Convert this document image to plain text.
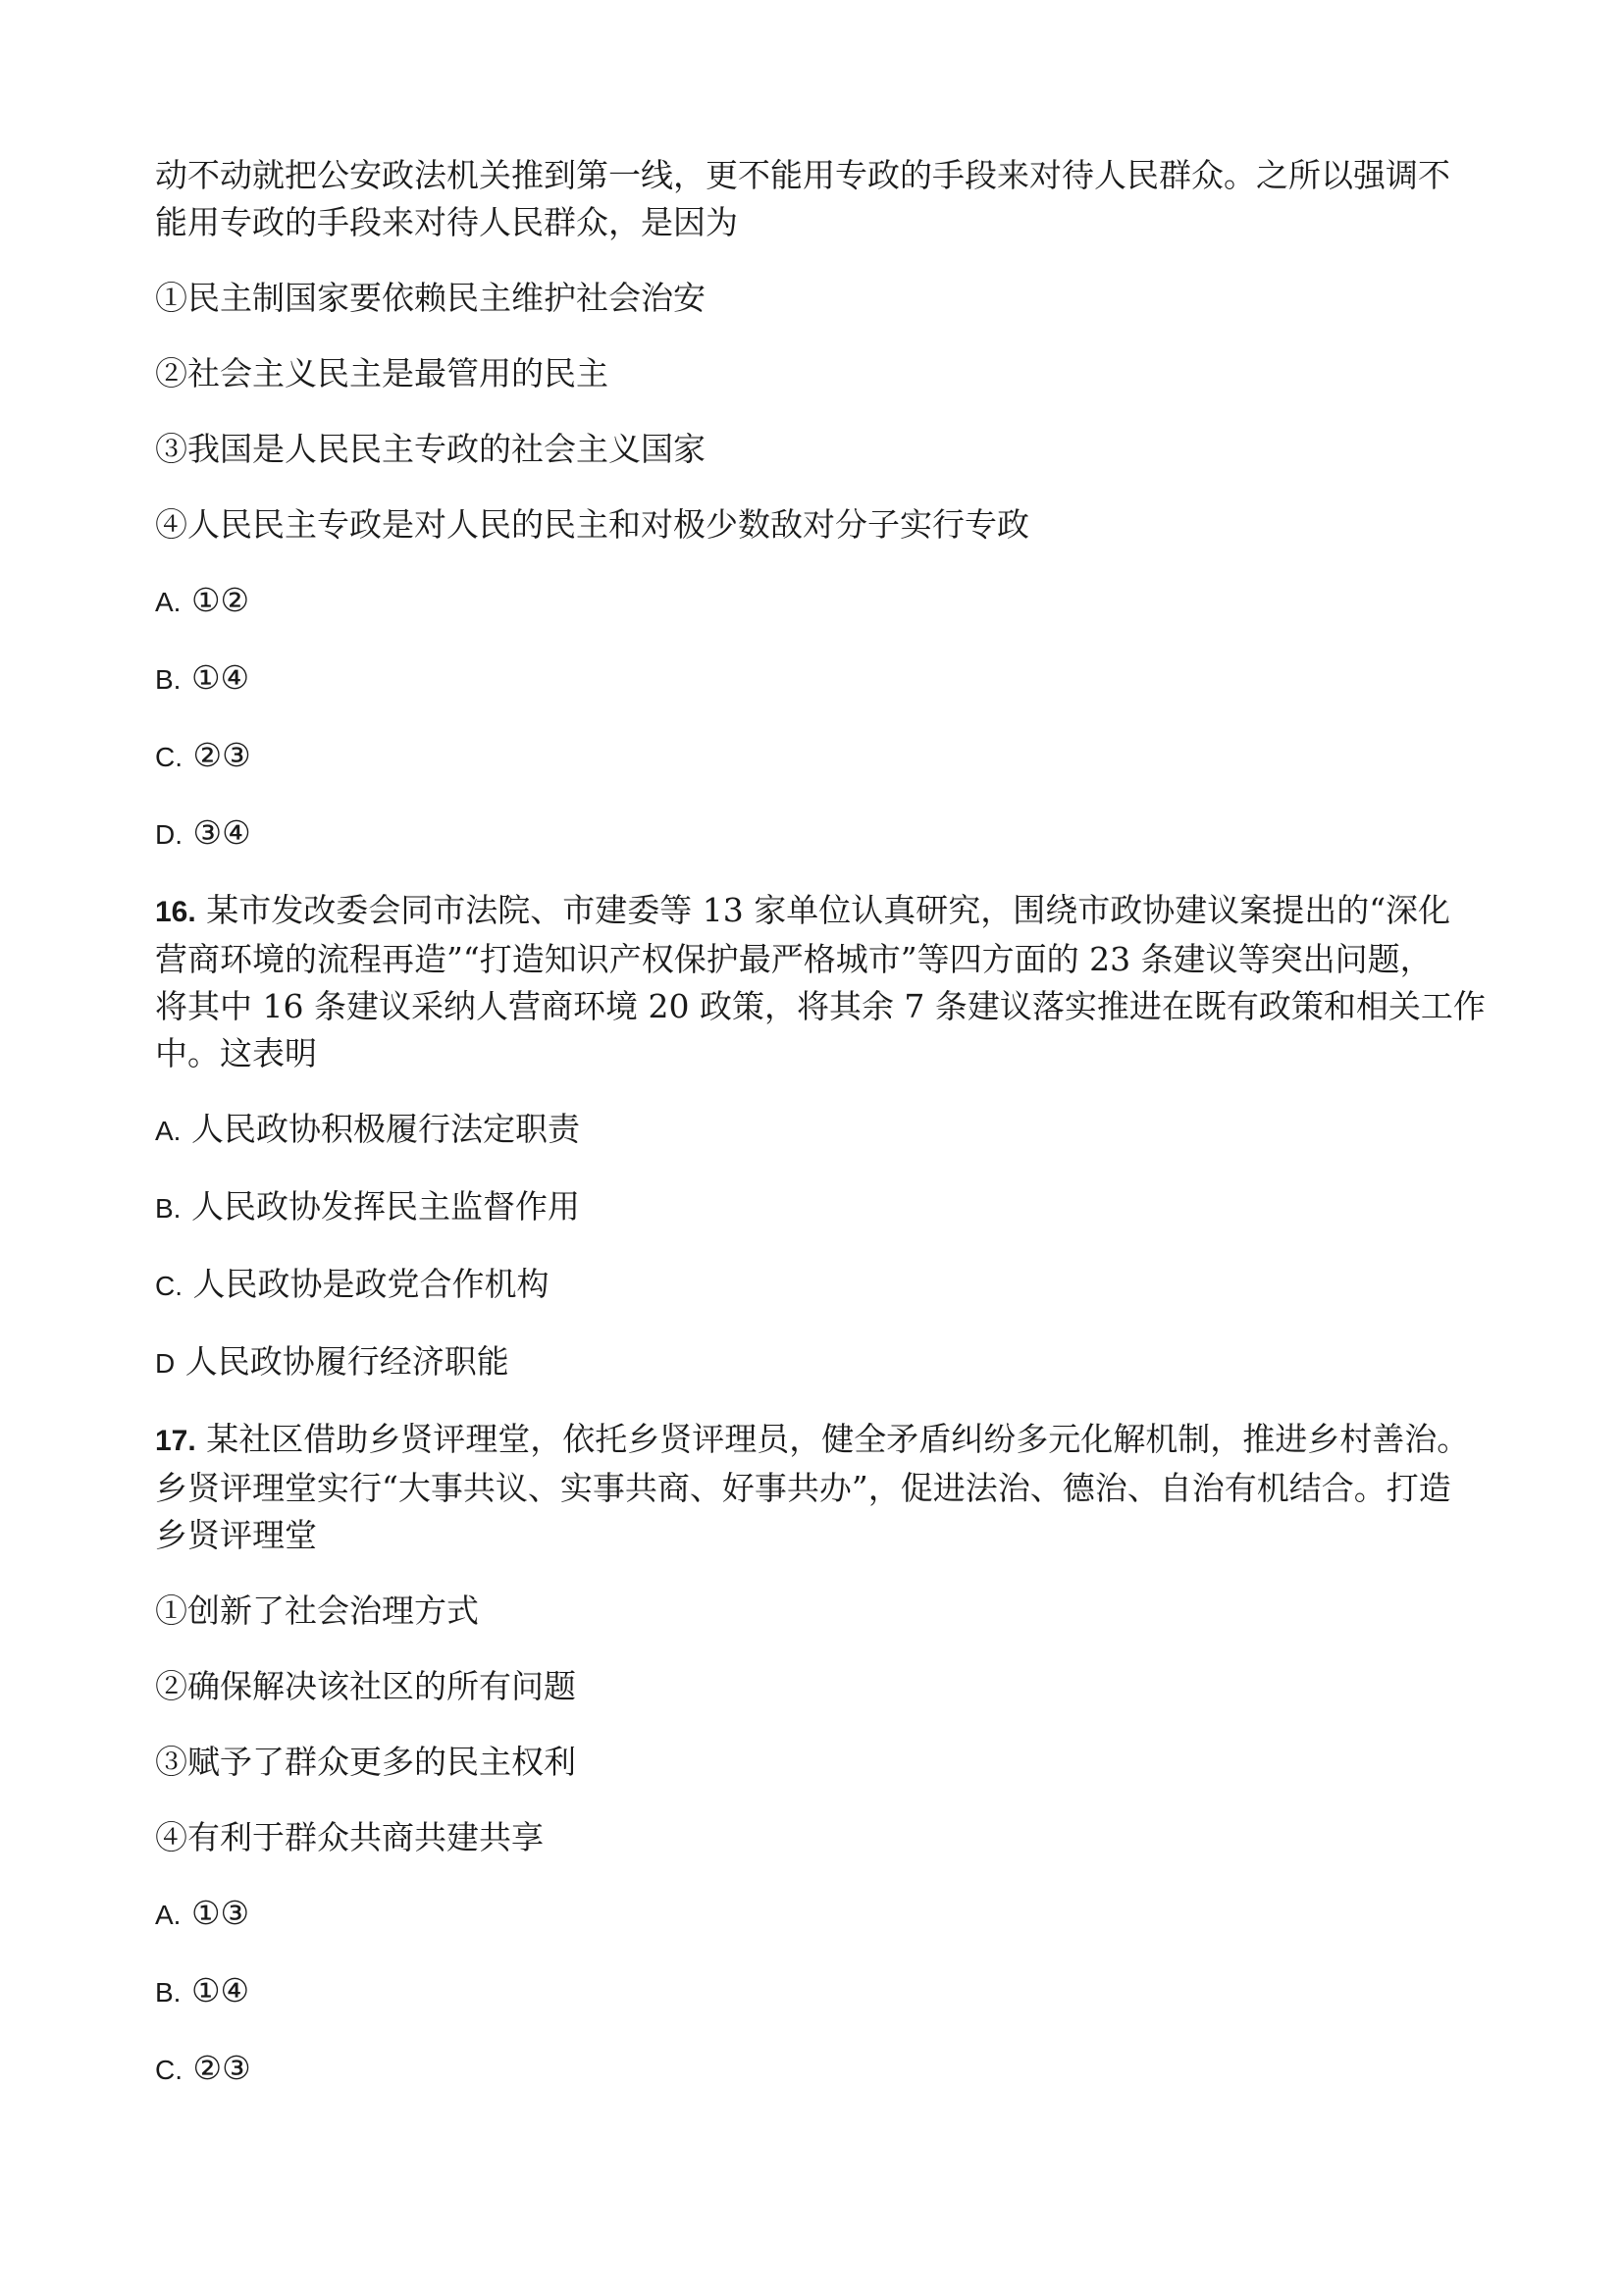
动不动就把公安政法机关推到第一线，更不能用专政的手段来对待人民群众。之所以强调不
能用专政的手段来对待人民群众，是因为

①民主制国家要依赖民主维护社会治安

②社会主义民主是最管用的民主

③我国是人民民主专政的社会主义国家

④人民民主专政是对人民的民主和对极少数敌对分子实行专政

A. ①②

B. ①④

C. ②③

D. ③④

16. 某市发改委会同市法院、市建委等 13 家单位认真研究，围绕市政协建议案提出的“深化
营商环境的流程再造”“打造知识产权保护最严格城市”等四方面的 23 条建议等突出问题，
将其中 16 条建议采纳人营商环境 20 政策，将其余 7 条建议落实推进在既有政策和相关工作
中。这表明

A. 人民政协积极履行法定职责

B. 人民政协发挥民主监督作用

C. 人民政协是政党合作机构

D 人民政协履行经济职能

17. 某社区借助乡贤评理堂，依托乡贤评理员，健全矛盾纠纷多元化解机制，推进乡村善治。
乡贤评理堂实行“大事共议、实事共商、好事共办”，促进法治、德治、自治有机结合。打造
乡贤评理堂

①创新了社会治理方式

②确保解决该社区的所有问题

③赋予了群众更多的民主权利

④有利于群众共商共建共享

A. ①③

B. ①④

C. ②③
